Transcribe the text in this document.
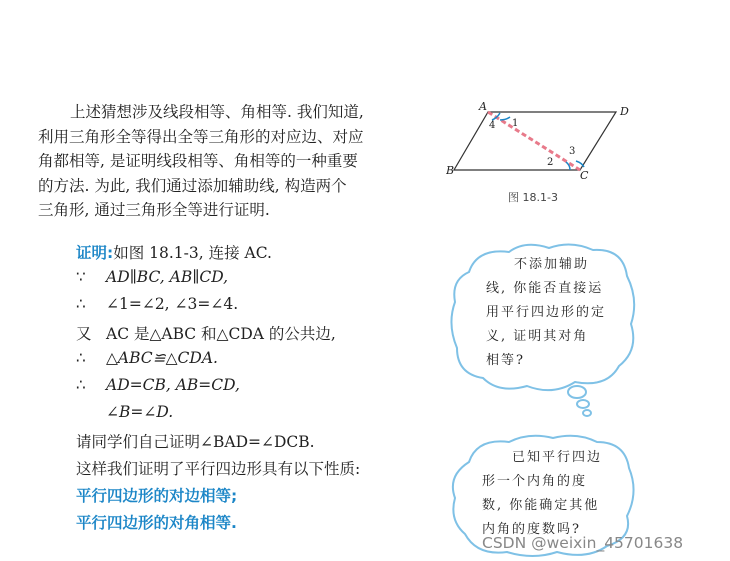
上述猜想涉及线段相等、角相等. 我们知道,
利用三角形全等得出全等三角形的对应边、对应
角都相等, 是证明线段相等、角相等的一种重要
的方法. 为此, 我们通过添加辅助线, 构造两个
三角形, 通过三角形全等进行证明.
证明:如图 18.1-3, 连接 AC.
∵ AD∥BC, AB∥CD,
∴ ∠1=∠2, ∠3=∠4.
又 AC 是△ABC 和△CDA 的公共边,
∴ △ABC≌△CDA.
∴ AD=CB, AB=CD,
∠B=∠D.
请同学们自己证明∠BAD=∠DCB.
这样我们证明了平行四边形具有以下性质:
平行四边形的对边相等;
平行四边形的对角相等.
A	D
B	C
4 1
2
3
图 18.1-3
不添加辅助
线, 你能否直接运
用平行四边形的定
义, 证明其对角
相等?
已知平行四边
形一个内角的度
数, 你能确定其他
内角的度数吗?
CSDN @weixin_45701638
